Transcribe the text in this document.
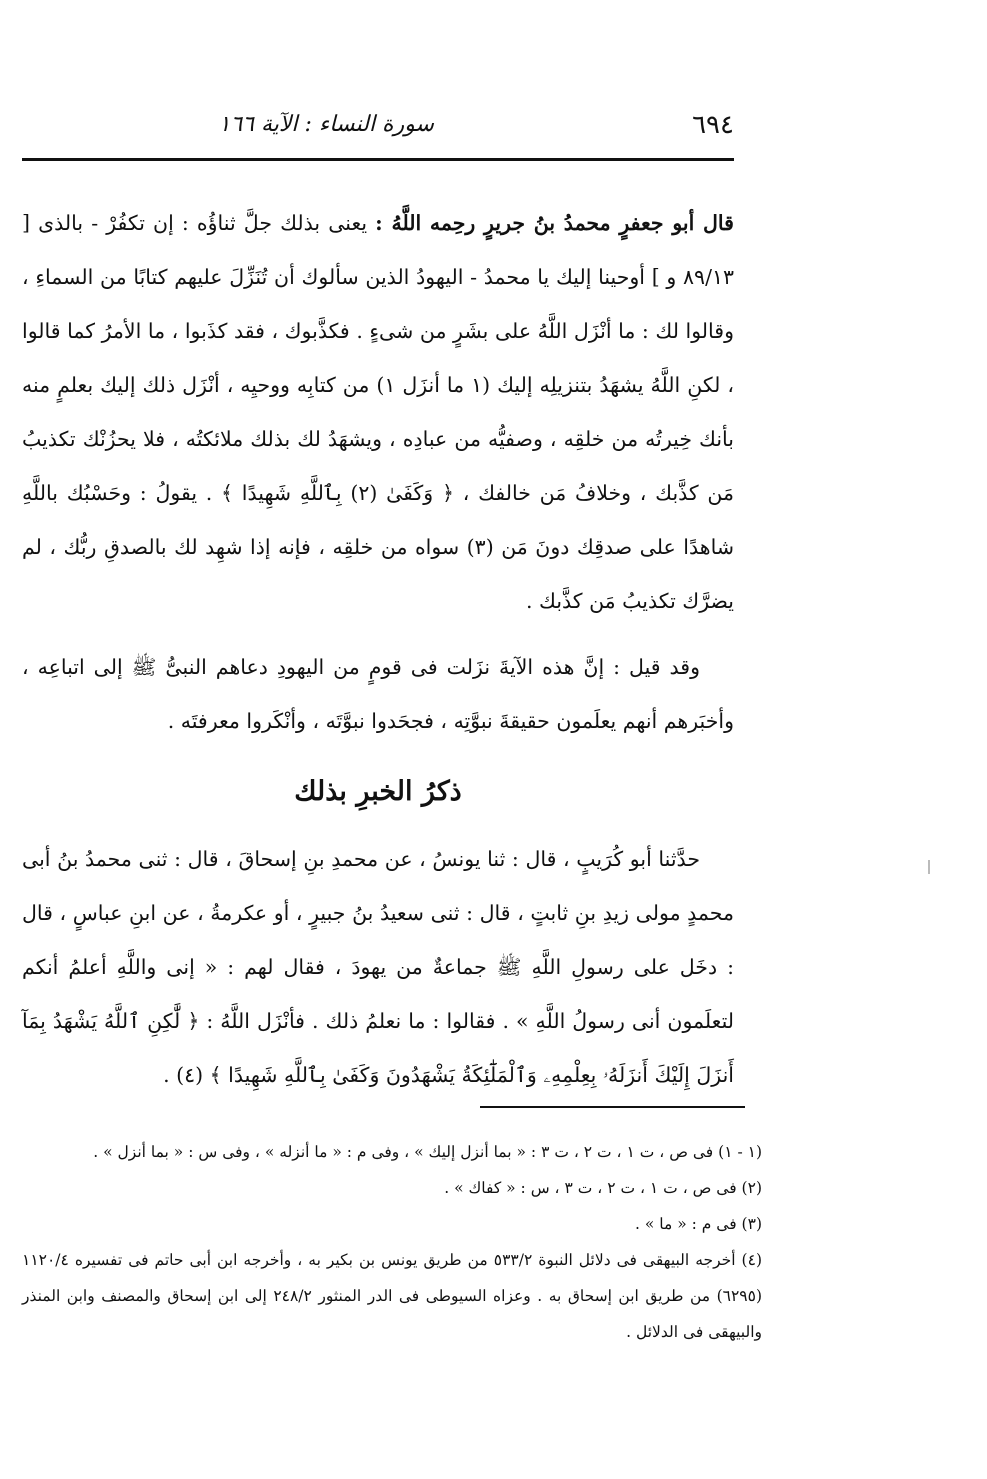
٦٩٤
سورة النساء : الآية ١٦٦

قال أبو جعفرٍ محمدُ بنُ جريرٍ رحِمه اللَّهُ : يعنى بذلك جلَّ ثناؤُه : إن تكفُرْ - بالذى [ ٨٩/١٣ و ] أوحينا إليك يا محمدُ - اليهودُ الذين سألوك أن تُنَزِّلَ عليهم كتابًا من السماءِ ، وقالوا لك : ما أنْزَل اللَّهُ على بشَرٍ من شىءٍ . فكذَّبوك ، فقد كذَبوا ، ما الأمرُ كما قالوا ، لكنِ اللَّهُ يشهَدُ بتنزيلِه إليك (١ ما أنزَل ١) من كتابِه ووحيِه ، أنْزَل ذلك إليك بعلمٍ منه بأنك خِيرتُه من خلقِه ، وصفيُّه من عبادِه ، ويشهَدُ لك بذلك ملائكتُه ، فلا يحزُنْك تكذيبُ مَن كذَّبك ، وخلافُ مَن خالفك ، ﴿ وَكَفَىٰ (٢) بِٱللَّهِ شَهِيدًا ﴾ . يقولُ : وحَسْبُك باللَّهِ شاهدًا على صدقِك دونَ مَن (٣) سواه من خلقِه ، فإنه إذا شهِد لك بالصدقِ ربُّك ، لم يضرَّك تكذيبُ مَن كذَّبك .

وقد قيل : إنَّ هذه الآيةَ نزَلت فى قومٍ من اليهودِ دعاهم النبىُّ ﷺ إلى اتباعِه ، وأخبَرهم أنهم يعلَمون حقيقةَ نبوَّتِه ، فجحَدوا نبوَّتَه ، وأنْكَروا معرفتَه .

ذكرُ الخبرِ بذلك

حدَّثنا أبو كُرَيبٍ ، قال : ثنا يونسُ ، عن محمدِ بنِ إسحاقَ ، قال : ثنى محمدُ بنُ أبى محمدٍ مولى زيدِ بنِ ثابتٍ ، قال : ثنى سعيدُ بنُ جبيرٍ ، أو عكرمةُ ، عن ابنِ عباسٍ ، قال : دخَل على رسولِ اللَّهِ ﷺ جماعةٌ من يهودَ ، فقال لهم : « إنى واللَّهِ أعلمُ أنكم لتعلَمون أنى رسولُ اللَّهِ » . فقالوا : ما نعلمُ ذلك . فأنْزَل اللَّهُ : ﴿ لَّٰكِنِ ٱللَّهُ يَشْهَدُ بِمَآ أَنزَلَ إِلَيْكَ أَنزَلَهُۥ بِعِلْمِهِۦ وَٱلْمَلَٰٓئِكَةُ يَشْهَدُونَ وَكَفَىٰ بِٱللَّهِ شَهِيدًا ﴾ (٤) .

(١ - ١) فى ص ، ت ١ ، ت ٢ ، ت ٣ : « بما أنزل إليك » ، وفى م : « ما أنزله » ، وفى س : « بما أنزل » .

(٢) فى ص ، ت ١ ، ت ٢ ، ت ٣ ، س : « كفاك » .

(٣) فى م : « ما » .

(٤) أخرجه البيهقى فى دلائل النبوة ٥٣٣/٢ من طريق يونس بن بكير به ، وأخرجه ابن أبى حاتم فى تفسيره ١١٢٠/٤ (٦٢٩٥) من طريق ابن إسحاق به . وعزاه السيوطى فى الدر المنثور ٢٤٨/٢ إلى ابن إسحاق والمصنف وابن المنذر والبيهقى فى الدلائل .
